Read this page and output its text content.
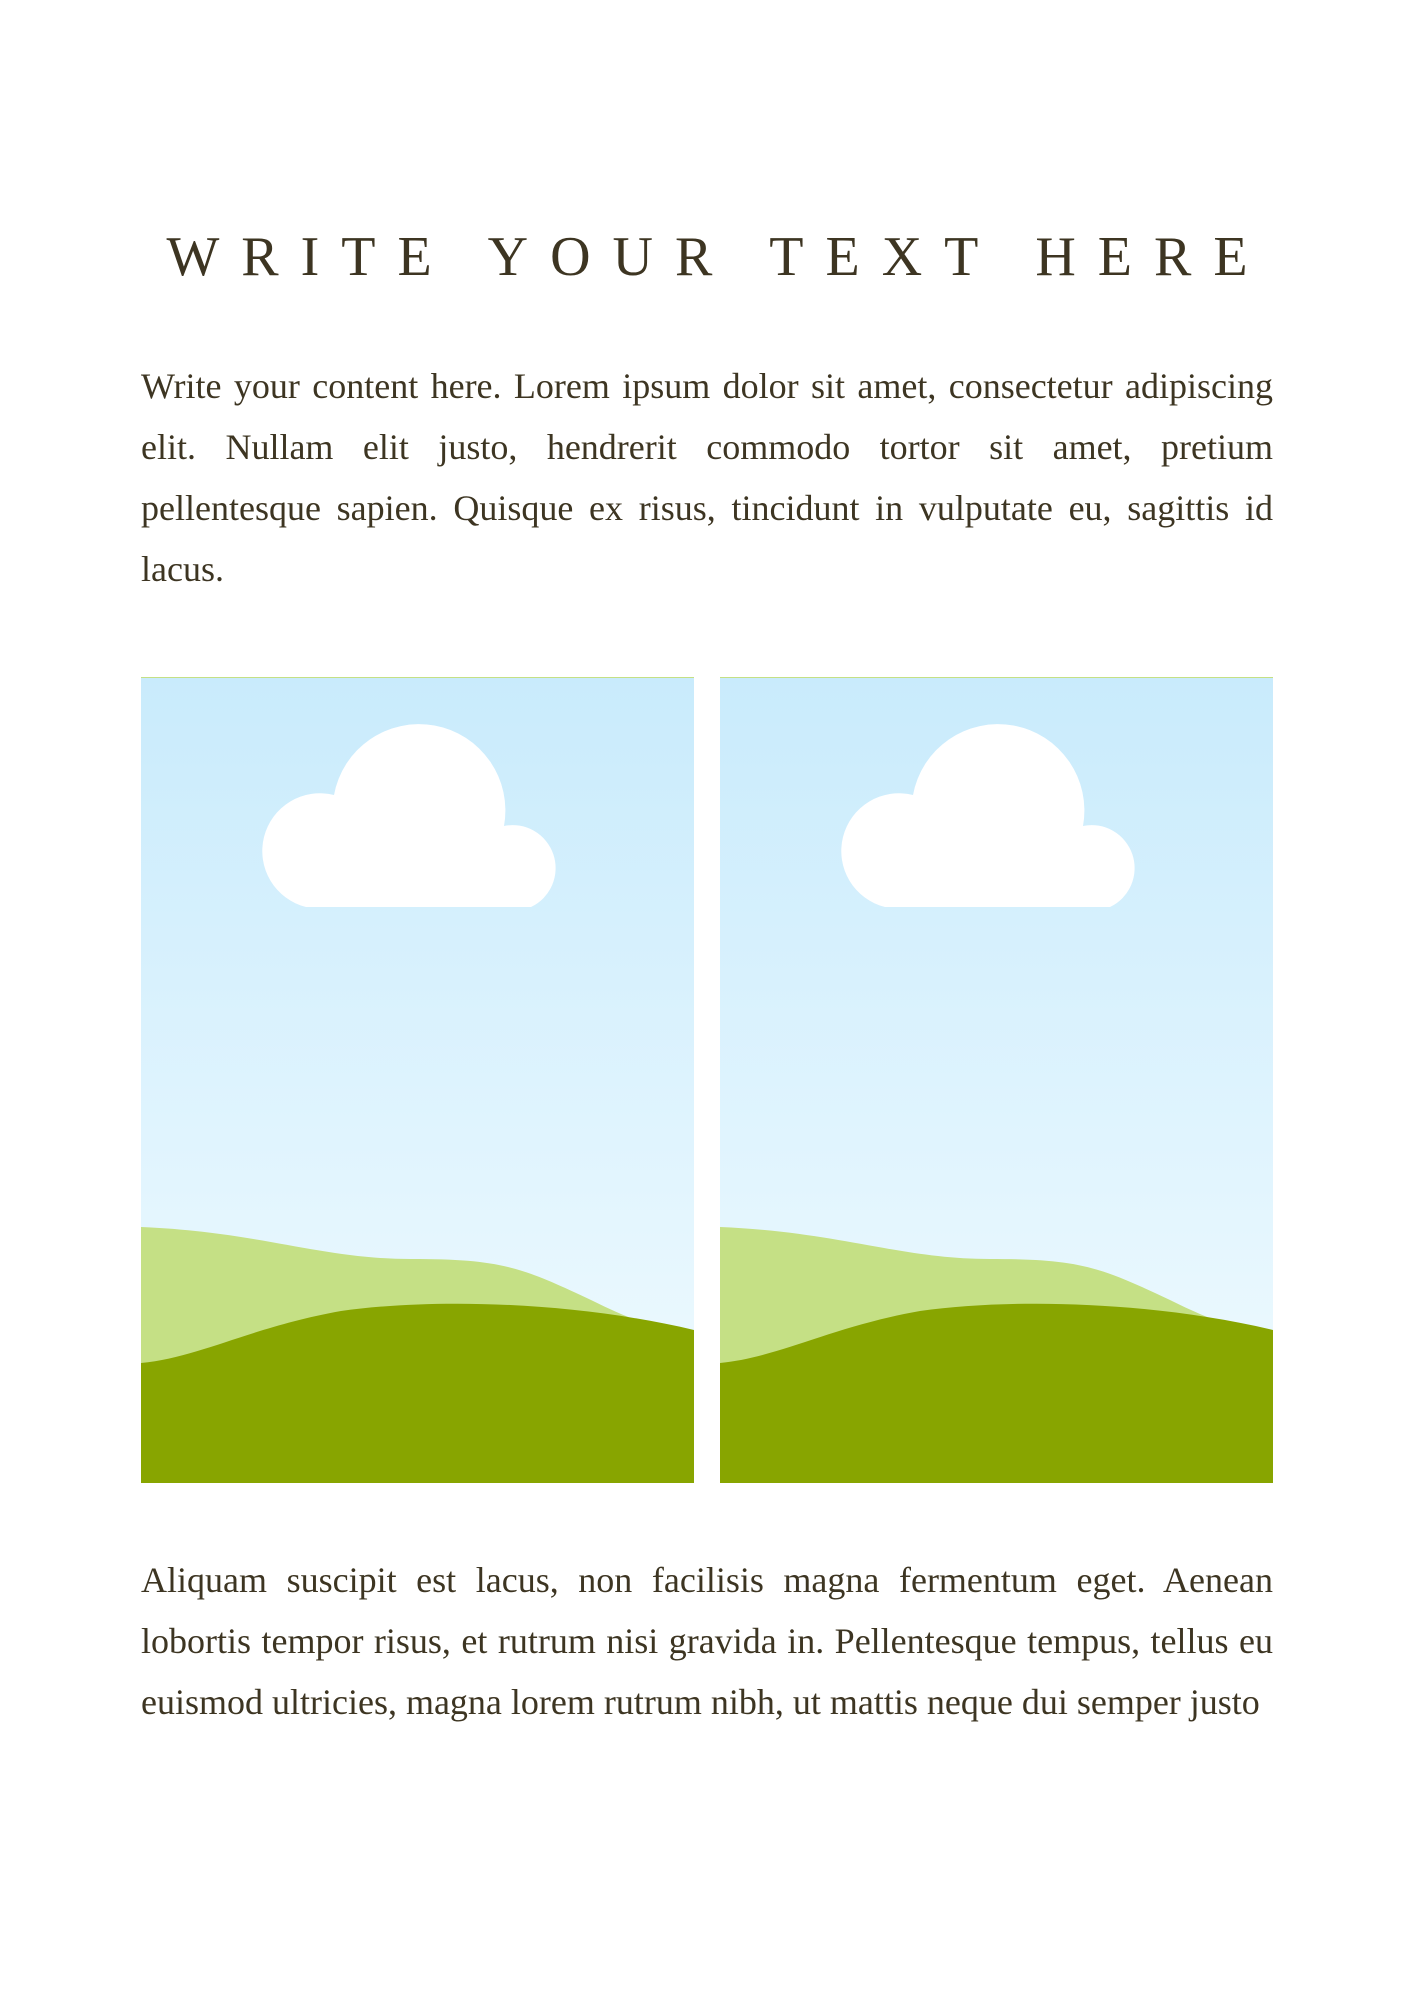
WRITE YOUR TEXT HERE

Write your content here. Lorem ipsum dolor sit amet, consectetur adipiscing elit. Nullam elit justo, hendrerit commodo tortor sit amet, pretium pellentesque sapien. Quisque ex risus, tincidunt in vulputate eu, sagittis id lacus.

Aliquam suscipit est lacus, non facilisis magna fermentum eget. Aenean lobortis tempor risus, et rutrum nisi gravida in. Pellentesque tempus, tellus eu euismod ultricies, magna lorem rutrum nibh, ut mattis neque dui semper justo
